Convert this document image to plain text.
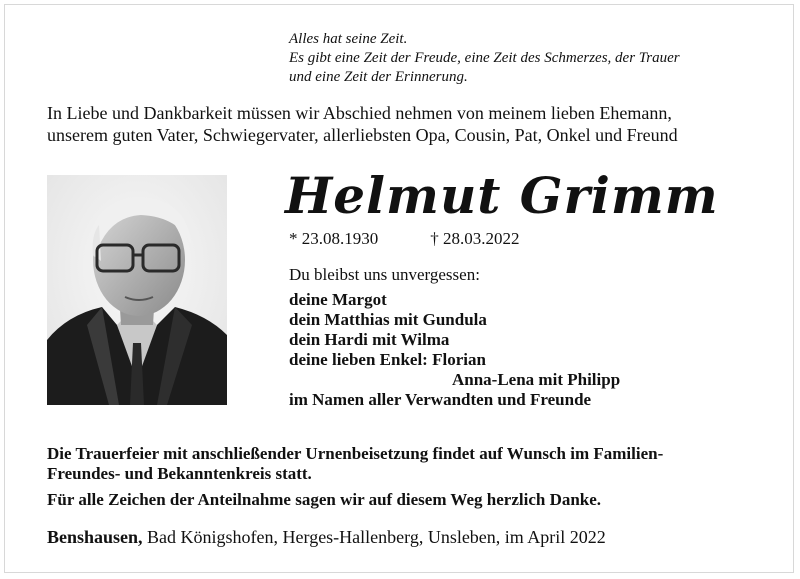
Alles hat seine Zeit.
Es gibt eine Zeit der Freude, eine Zeit des Schmerzes, der Trauer
und eine Zeit der Erinnerung.
In Liebe und Dankbarkeit müssen wir Abschied nehmen von meinem lieben Ehemann,
unserem guten Vater, Schwiegervater, allerliebsten Opa, Cousin, Pat, Onkel und Freund
Helmut Grimm
* 23.08.1930	† 28.03.2022
Du bleibst uns unvergessen:
deine Margot
dein Matthias mit Gundula
dein Hardi mit Wilma
deine lieben Enkel: Florian
Anna-Lena mit Philipp
im Namen aller Verwandten und Freunde
Die Trauerfeier mit anschließender Urnenbeisetzung findet auf Wunsch im Familien-
Freundes- und Bekanntenkreis statt.
Für alle Zeichen der Anteilnahme sagen wir auf diesem Weg herzlich Danke.
Benshausen, Bad Königshofen, Herges-Hallenberg, Unsleben, im April 2022
